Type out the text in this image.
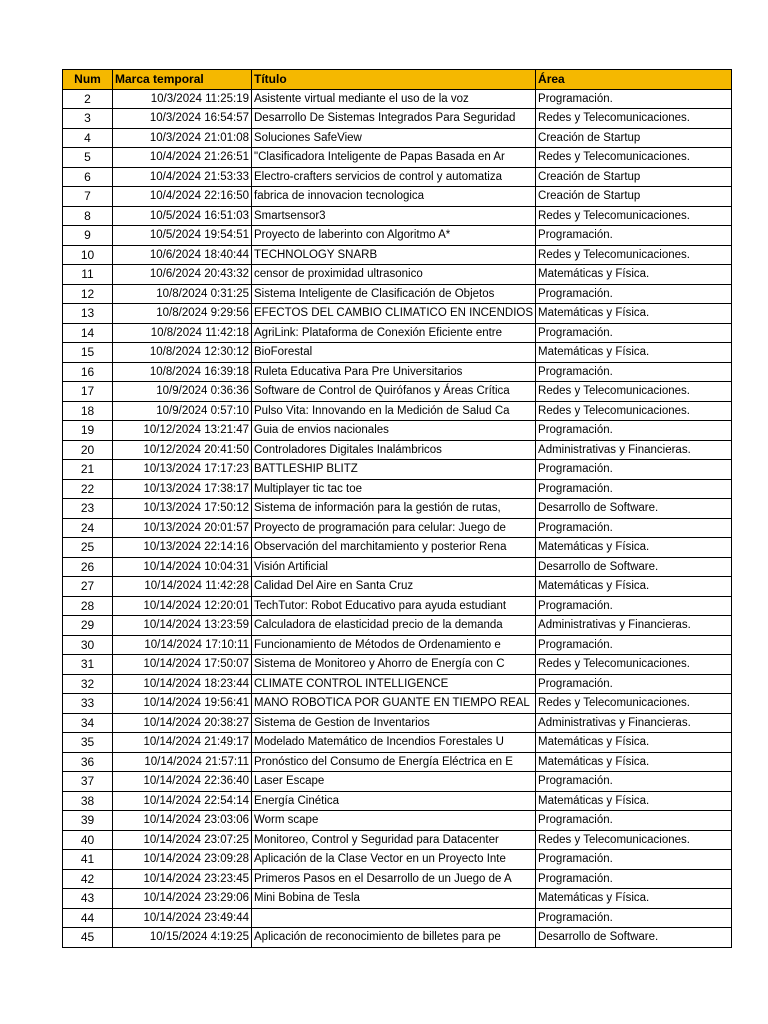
Num	Marca temporal	Título	Área
2	10/3/2024 11:25:19	Asistente virtual mediante el uso de la voz	Programación.

3	10/3/2024 16:54:57	Desarrollo De Sistemas Integrados Para Seguridad	Redes y Telecomunicaciones.

4	10/3/2024 21:01:08	Soluciones SafeView	Creación de Startup

5	10/4/2024 21:26:51	"Clasificadora Inteligente de Papas Basada en Ar	Redes y Telecomunicaciones.

6	10/4/2024 21:53:33	Electro-crafters servicios de control y automatiza	Creación de Startup

7	10/4/2024 22:16:50	fabrica de innovacion tecnologica	Creación de Startup

8	10/5/2024 16:51:03	Smartsensor3	Redes y Telecomunicaciones.

9	10/5/2024 19:54:51	Proyecto de laberinto con Algoritmo A*	Programación.

10	10/6/2024 18:40:44	TECHNOLOGY SNARB	Redes y Telecomunicaciones.

11	10/6/2024 20:43:32	censor de proximidad ultrasonico	Matemáticas y Física.

12	10/8/2024 0:31:25	Sistema Inteligente de Clasificación de Objetos	Programación.

13	10/8/2024 9:29:56	EFECTOS DEL CAMBIO CLIMATICO EN INCENDIOS	Matemáticas y Física.

14	10/8/2024 11:42:18	AgriLink: Plataforma de Conexión Eficiente entre	Programación.

15	10/8/2024 12:30:12	BioForestal	Matemáticas y Física.

16	10/8/2024 16:39:18	Ruleta Educativa Para Pre Universitarios	Programación.

17	10/9/2024 0:36:36	Software de Control de Quirófanos y Áreas Crítica	Redes y Telecomunicaciones.

18	10/9/2024 0:57:10	Pulso Vita: Innovando en la Medición de Salud Ca	Redes y Telecomunicaciones.

19	10/12/2024 13:21:47	Guia de envios nacionales	Programación.

20	10/12/2024 20:41:50	Controladores Digitales Inalámbricos	Administrativas y Financieras.

21	10/13/2024 17:17:23	BATTLESHIP BLITZ	Programación.

22	10/13/2024 17:38:17	Multiplayer tic tac toe	Programación.

23	10/13/2024 17:50:12	Sistema de información para la gestión de rutas,	Desarrollo de Software.

24	10/13/2024 20:01:57	Proyecto de programación para celular: Juego de	Programación.

25	10/13/2024 22:14:16	Observación del marchitamiento y posterior Rena	Matemáticas y Física.

26	10/14/2024 10:04:31	Visión Artificial	Desarrollo de Software.

27	10/14/2024 11:42:28	Calidad Del Aire en Santa Cruz	Matemáticas y Física.

28	10/14/2024 12:20:01	TechTutor: Robot Educativo para ayuda estudiant	Programación.

29	10/14/2024 13:23:59	Calculadora de elasticidad precio de la demanda	Administrativas y Financieras.

30	10/14/2024 17:10:11	Funcionamiento de Métodos de Ordenamiento e	Programación.

31	10/14/2024 17:50:07	Sistema de Monitoreo y Ahorro de Energía con C	Redes y Telecomunicaciones.

32	10/14/2024 18:23:44	CLIMATE CONTROL INTELLIGENCE	Programación.

33	10/14/2024 19:56:41	MANO ROBOTICA POR GUANTE EN TIEMPO REAL	Redes y Telecomunicaciones.

34	10/14/2024 20:38:27	Sistema de Gestion de Inventarios	Administrativas y Financieras.

35	10/14/2024 21:49:17	Modelado Matemático de Incendios Forestales U	Matemáticas y Física.

36	10/14/2024 21:57:11	Pronóstico del Consumo de Energía Eléctrica en E	Matemáticas y Física.

37	10/14/2024 22:36:40	Laser Escape	Programación.

38	10/14/2024 22:54:14	Energía Cinética	Matemáticas y Física.

39	10/14/2024 23:03:06	Worm scape	Programación.

40	10/14/2024 23:07:25	Monitoreo, Control y Seguridad para Datacenter	Redes y Telecomunicaciones.

41	10/14/2024 23:09:28	Aplicación de la Clase Vector en un Proyecto Inte	Programación.

42	10/14/2024 23:23:45	Primeros Pasos en el Desarrollo de un Juego de A	Programación.

43	10/14/2024 23:29:06	Mini Bobina de Tesla	Matemáticas y Física.

44	10/14/2024 23:49:44		Programación.

45	10/15/2024 4:19:25	Aplicación de reconocimiento de billetes para pe	Desarrollo de Software.
